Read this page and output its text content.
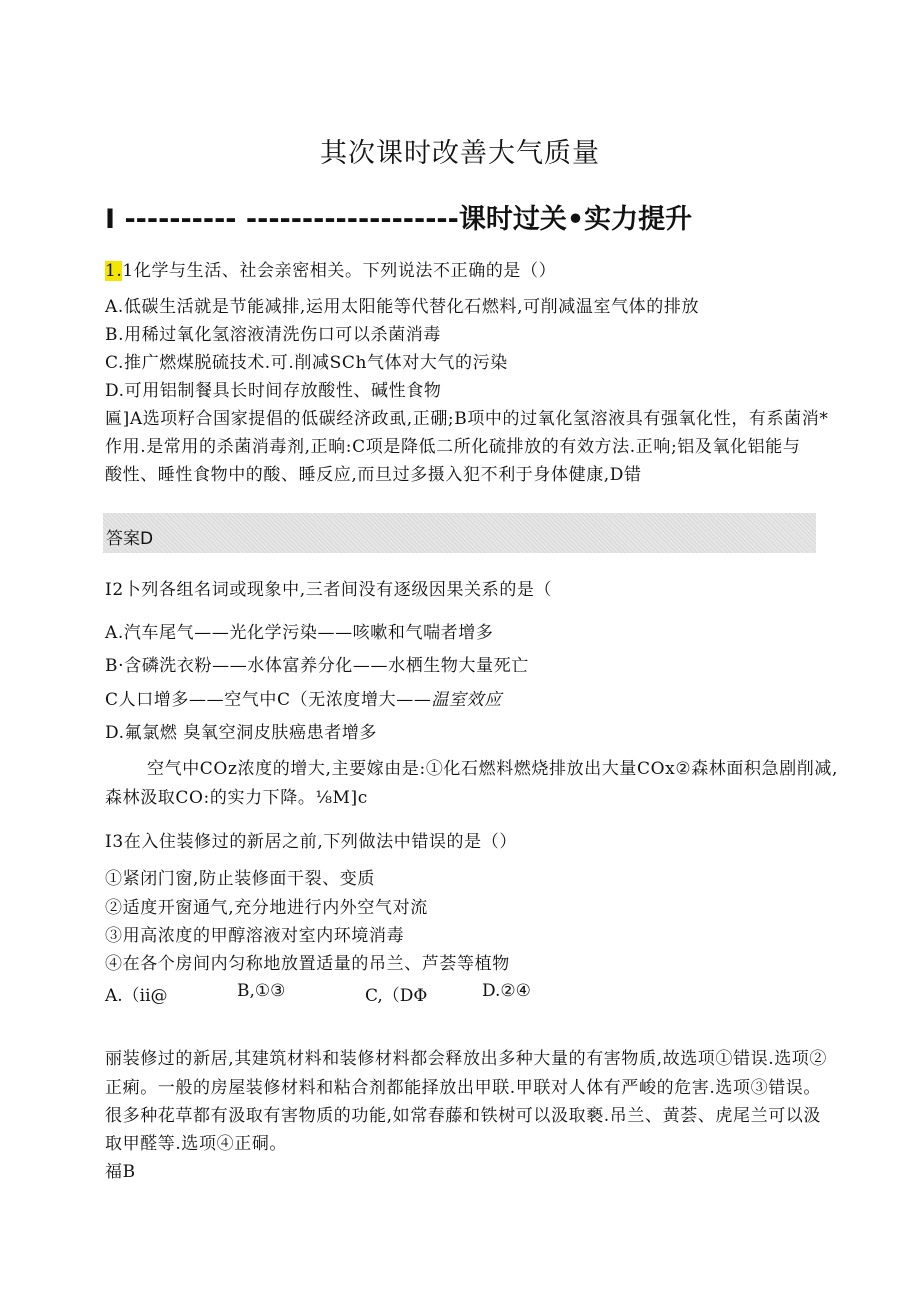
其次课时改善大气质量
I ---------- -------------------课时过关•实力提升
1.1化学与生活、社会亲密相关。下列说法不正确的是（）
A.低碳生活就是节能减排,运用太阳能等代替化石燃料,可削减温室气体的排放
B.用稀过氧化氢溶液清洗伤口可以杀菌消毒
C.推广燃煤脱硫技术.可.削减SCh气体对大气的污染
D.可用铝制餐具长时间存放酸性、碱性食物
匾]A选项籽合国家提倡的低碳经济政虱,正硼;B项中的过氧化氢溶液具有强氧化性，有系菌消*
作用.是常用的杀菌消毒剂,正晌:C项是降低二所化硫排放的有效方法.正响;铝及氧化铝能与
酸性、睡性食物中的酸、睡反应,而旦过多摄入犯不利于身体健康,D错
答案D
I2卜列各组名词或现象中,三者间没有逐级因果关系的是（
A.汽车尾气——光化学污染——咳嗽和气喘者增多
B·含磷洗衣粉——水体富养分化——水栖生物大量死亡
C人口增多——空气中C（无浓度增大——温室效应
D.氟氯燃 臭氧空洞皮肤癌患者增多
空气中COz浓度的增大,主要嫁由是:①化石燃料燃烧排放出大量COx②森林面积急剧削减,
森林汲取CO:的实力下降。⅛M]c
I3在入住装修过的新居之前,下列做法中错误的是（）
①紧闭门窗,防止装修面干裂、变质
②适度开窗通气,充分地进行内外空气对流
③用高浓度的甲醇溶液对室内环境消毒
④在各个房间内匀称地放置适量的吊兰、芦荟等植物
A.（ii@	B,①③	C,（DΦ	D.②④
丽装修过的新居,其建筑材料和装修材料都会释放出多种大量的有害物质,故选项①错误.选项②
正痢。一般的房屋装修材料和粘合剂都能择放出甲联.甲联对人体有严峻的危害.选项③错误。
很多种花草都有汲取有害物质的功能,如常春藤和铁树可以汲取褻.吊兰、黄荟、虎尾兰可以汲
取甲醛等.选项④正硐。
福B
